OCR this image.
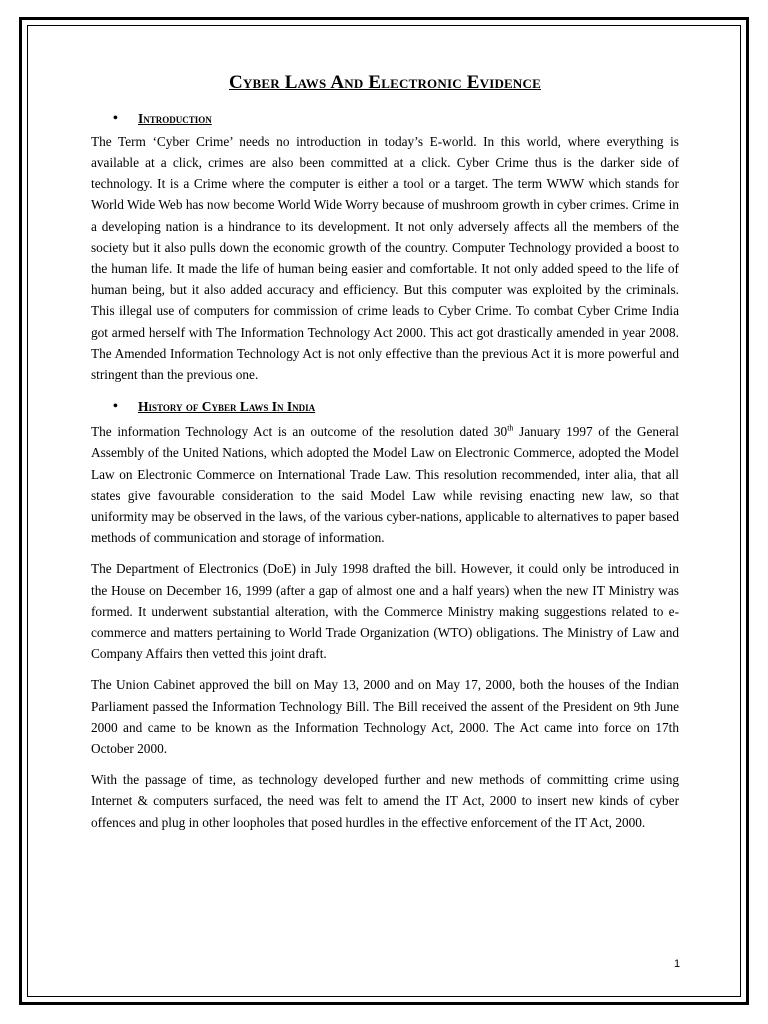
Cyber Laws And Electronic Evidence
•	Introduction

The Term ‘Cyber Crime’ needs no introduction in today’s E-world. In this world, where everything is available at a click, crimes are also been committed at a click. Cyber Crime thus is the darker side of technology. It is a Crime where the computer is either a tool or a target. The term WWW which stands for World Wide Web has now become World Wide Worry because of mushroom growth in cyber crimes. Crime in a developing nation is a hindrance to its development. It not only adversely affects all the members of the society but it also pulls down the economic growth of the country. Computer Technology provided a boost to the human life. It made the life of human being easier and comfortable. It not only added speed to the life of human being, but it also added accuracy and efficiency. But this computer was exploited by the criminals. This illegal use of computers for commission of crime leads to Cyber Crime. To combat Cyber Crime India got armed herself with The Information Technology Act 2000. This act got drastically amended in year 2008. The Amended Information Technology Act is not only effective than the previous Act it is more powerful and stringent than the previous one.

•	History of Cyber Laws In India

The information Technology Act is an outcome of the resolution dated 30th January 1997 of the General Assembly of the United Nations, which adopted the Model Law on Electronic Commerce, adopted the Model Law on Electronic Commerce on International Trade Law. This resolution recommended, inter alia, that all states give favourable consideration to the said Model Law while revising enacting new law, so that uniformity may be observed in the laws, of the various cyber-nations, applicable to alternatives to paper based methods of communication and storage of information.

The Department of Electronics (DoE) in July 1998 drafted the bill. However, it could only be introduced in the House on December 16, 1999 (after a gap of almost one and a half years) when the new IT Ministry was formed. It underwent substantial alteration, with the Commerce Ministry making suggestions related to e-commerce and matters pertaining to World Trade Organization (WTO) obligations. The Ministry of Law and Company Affairs then vetted this joint draft.

The Union Cabinet approved the bill on May 13, 2000 and on May 17, 2000, both the houses of the Indian Parliament passed the Information Technology Bill. The Bill received the assent of the President on 9th June 2000 and came to be known as the Information Technology Act, 2000. The Act came into force on 17th October 2000.

With the passage of time, as technology developed further and new methods of committing crime using Internet & computers surfaced, the need was felt to amend the IT Act, 2000 to insert new kinds of cyber offences and plug in other loopholes that posed hurdles in the effective enforcement of the IT Act, 2000.

1
